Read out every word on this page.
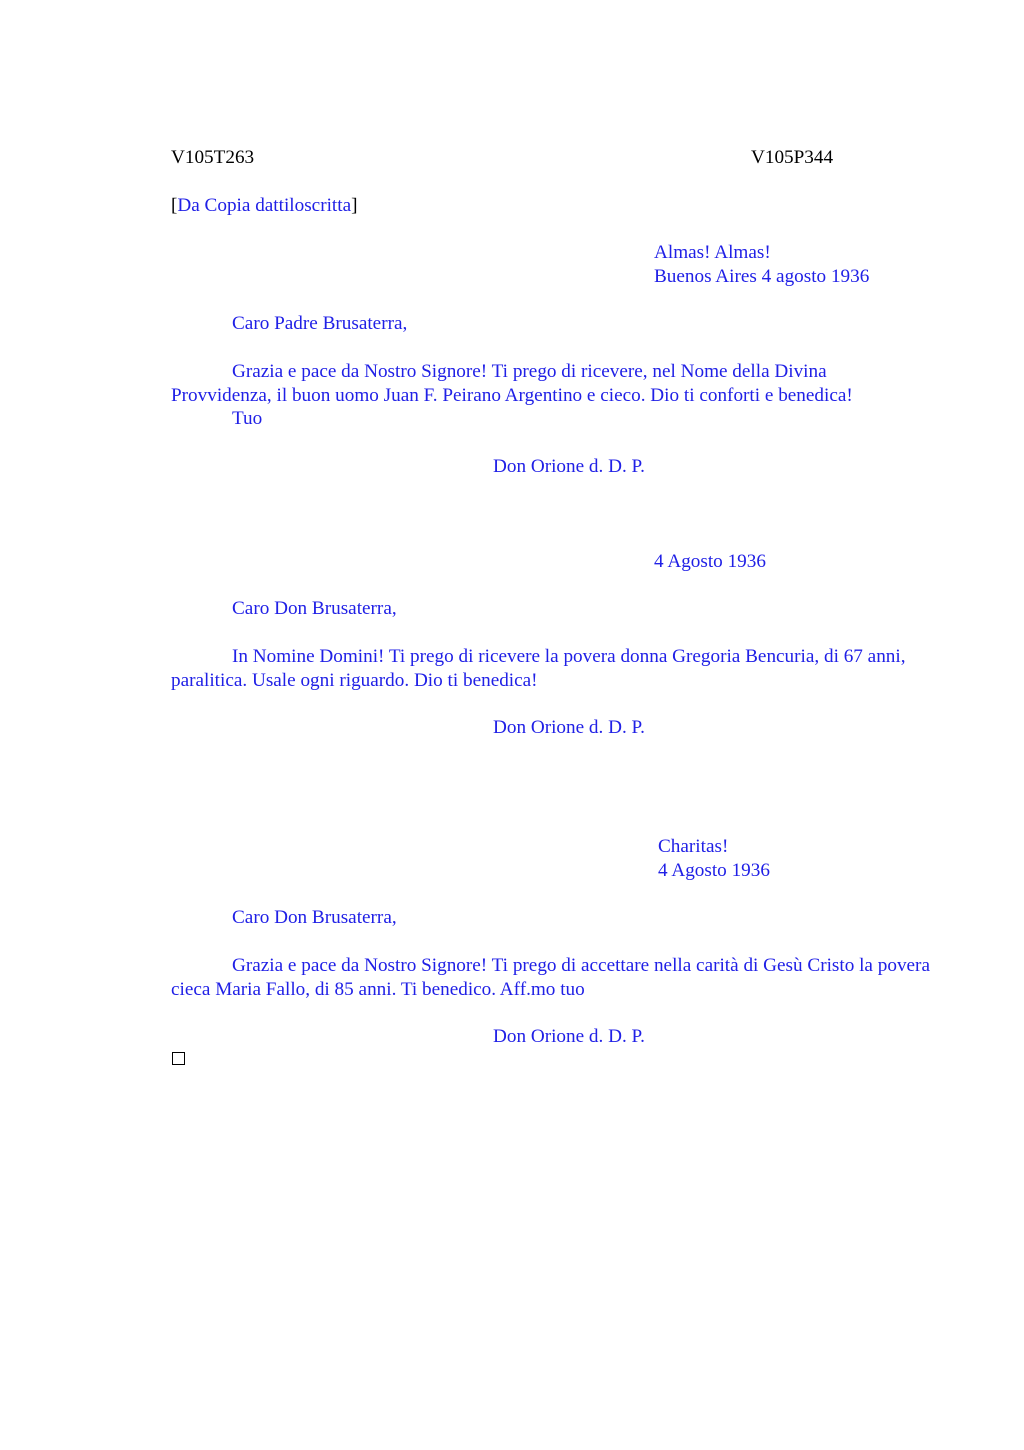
V105T263	V105P344
[Da Copia dattiloscritta]
Almas! Almas!
Buenos Aires 4 agosto 1936
Caro Padre Brusaterra,
Grazia e pace da Nostro Signore! Ti prego di ricevere, nel Nome della Divina Provvidenza, il buon uomo Juan F. Peirano Argentino e cieco. Dio ti conforti e benedica!
Tuo
Don Orione d. D. P.
4 Agosto 1936
Caro Don Brusaterra,
In Nomine Domini! Ti prego di ricevere la povera donna Gregoria Bencuria, di 67 anni, paralitica. Usale ogni riguardo. Dio ti benedica!
Don Orione d. D. P.
Charitas!
4 Agosto 1936
Caro Don Brusaterra,
Grazia e pace da Nostro Signore! Ti prego di accettare nella carità di Gesù Cristo la povera cieca Maria Fallo, di 85 anni. Ti benedico. Aff.mo tuo
Don Orione d. D. P.
